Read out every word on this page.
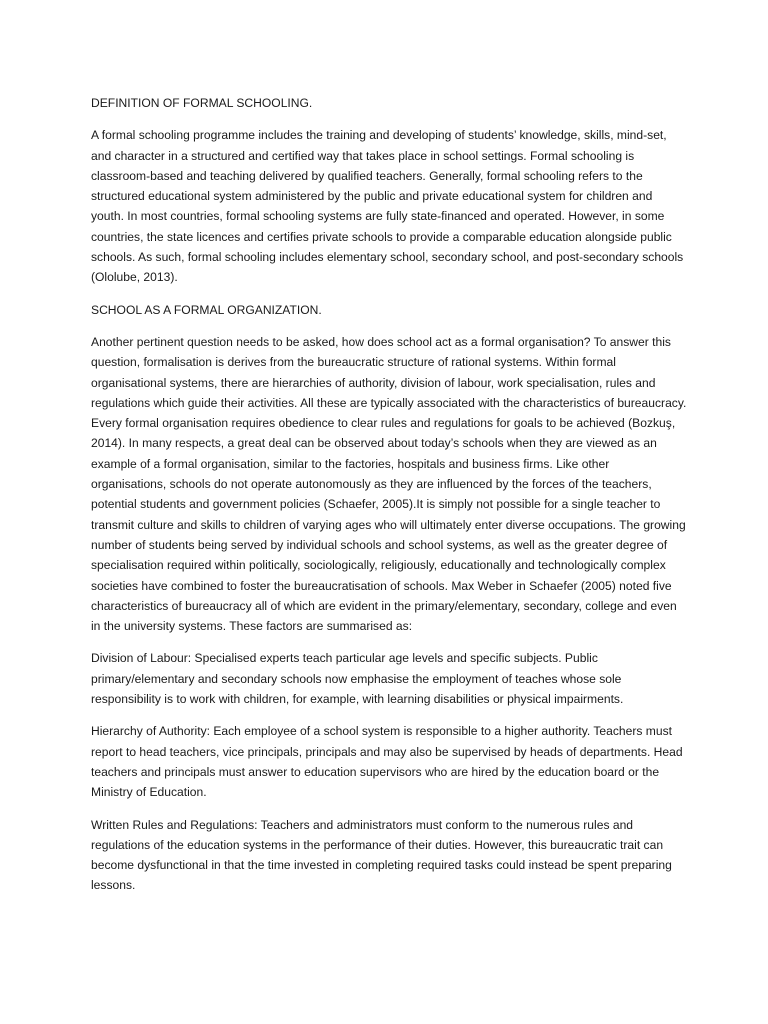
DEFINITION OF FORMAL SCHOOLING.
A formal schooling programme includes the training and developing of students’ knowledge, skills, mind-set, and character in a structured and certified way that takes place in school settings. Formal schooling is classroom-based and teaching delivered by qualified teachers. Generally, formal schooling refers to the structured educational system administered by the public and private educational system for children and youth. In most countries, formal schooling systems are fully state-financed and operated. However, in some countries, the state licences and certifies private schools to provide a comparable education alongside public schools. As such, formal schooling includes elementary school, secondary school, and post-secondary schools (Ololube, 2013).
SCHOOL AS A FORMAL ORGANIZATION.
Another pertinent question needs to be asked, how does school act as a formal organisation? To answer this question, formalisation is derives from the bureaucratic structure of rational systems. Within formal organisational systems, there are hierarchies of authority, division of labour, work specialisation, rules and regulations which guide their activities. All these are typically associated with the characteristics of bureaucracy. Every formal organisation requires obedience to clear rules and regulations for goals to be achieved (Bozkuş, 2014). In many respects, a great deal can be observed about today’s schools when they are viewed as an example of a formal organisation, similar to the factories, hospitals and business firms. Like other organisations, schools do not operate autonomously as they are influenced by the forces of the teachers, potential students and government policies (Schaefer, 2005).It is simply not possible for a single teacher to transmit culture and skills to children of varying ages who will ultimately enter diverse occupations. The growing number of students being served by individual schools and school systems, as well as the greater degree of specialisation required within politically, sociologically, religiously, educationally and technologically complex societies have combined to foster the bureaucratisation of schools. Max Weber in Schaefer (2005) noted five characteristics of bureaucracy all of which are evident in the primary/elementary, secondary, college and even in the university systems. These factors are summarised as:
Division of Labour: Specialised experts teach particular age levels and specific subjects. Public primary/elementary and secondary schools now emphasise the employment of teaches whose sole responsibility is to work with children, for example, with learning disabilities or physical impairments.
Hierarchy of Authority: Each employee of a school system is responsible to a higher authority. Teachers must report to head teachers, vice principals, principals and may also be supervised by heads of departments. Head teachers and principals must answer to education supervisors who are hired by the education board or the Ministry of Education.
Written Rules and Regulations: Teachers and administrators must conform to the numerous rules and regulations of the education systems in the performance of their duties. However, this bureaucratic trait can become dysfunctional in that the time invested in completing required tasks could instead be spent preparing lessons.
